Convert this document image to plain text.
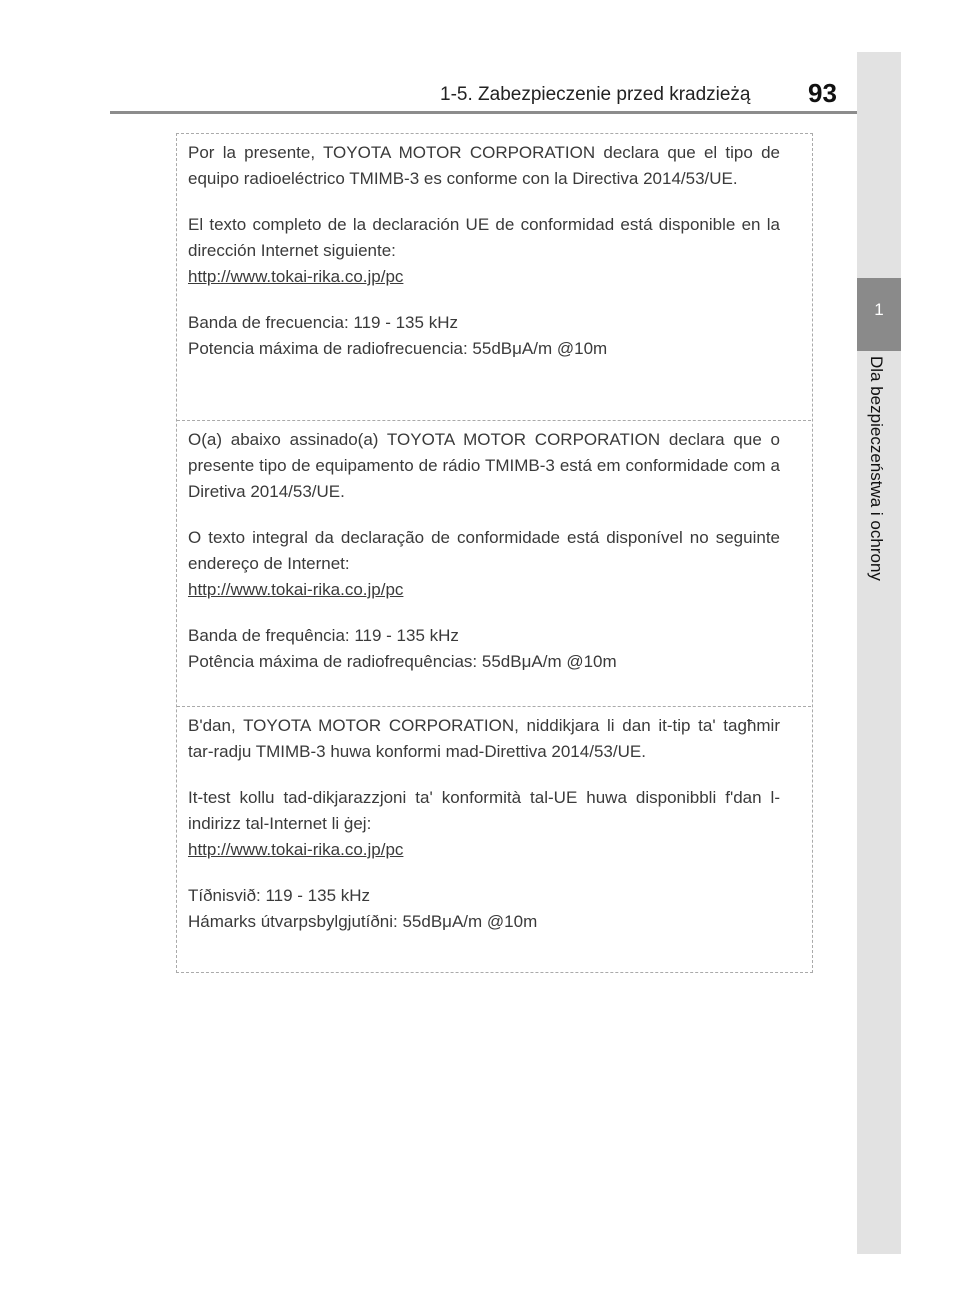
1-5. Zabezpieczenie przed kradzieżą 93
1
Dla bezpieczeństwa i ochrony

Por la presente, TOYOTA MOTOR CORPORATION declara que el tipo de equipo radioeléctrico TMIMB-3 es conforme con la Directiva 2014/53/UE.

El texto completo de la declaración UE de conformidad está disponible en la dirección Internet siguiente:
http://www.tokai-rika.co.jp/pc

Banda de frecuencia: 119 - 135 kHz
Potencia máxima de radiofrecuencia: 55dBμA/m @10m

O(a) abaixo assinado(a) TOYOTA MOTOR CORPORATION declara que o presente tipo de equipamento de rádio TMIMB-3 está em conformidade com a Diretiva 2014/53/UE.

O texto integral da declaração de conformidade está disponível no seguinte endereço de Internet:
http://www.tokai-rika.co.jp/pc

Banda de frequência: 119 - 135 kHz
Potência máxima de radiofrequências: 55dBμA/m @10m

B'dan, TOYOTA MOTOR CORPORATION, niddikjara li dan it-tip ta' tagħmir tar-radju TMIMB-3 huwa konformi mad-Direttiva 2014/53/UE.

It-test kollu tad-dikjarazzjoni ta' konformità tal-UE huwa disponibbli f'dan l-indirizz tal-Internet li ġej:
http://www.tokai-rika.co.jp/pc

Tíðnisvið: 119 - 135 kHz
Hámarks útvarpsbylgjutíðni: 55dBμA/m @10m
